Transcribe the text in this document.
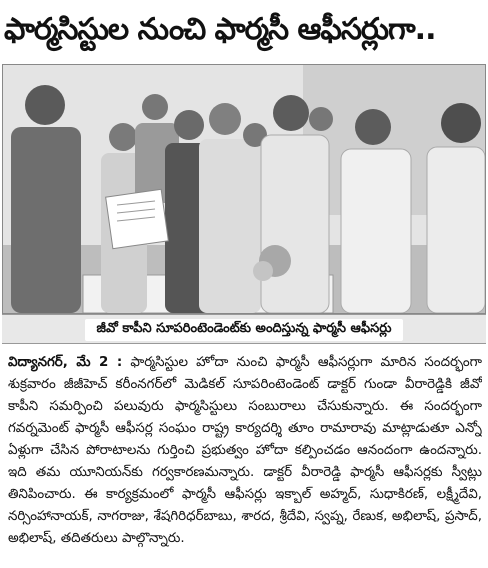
ఫార్మసిస్టుల నుంచి ఫార్మసీ ఆఫీసర్లుగా..
జీవో కాపీని సూపరింటెండెంట్‌కు అందిస్తున్న ఫార్మసీ ఆఫీసర్లు
విద్యానగర్, మే 2 : ఫార్మసిస్టుల హోదా నుంచి ఫార్మసీ ఆఫీసర్లుగా మారిన సందర్భంగా శుక్రవారం జీజీహెచ్ కరీంనగర్‌లో మెడికల్ సూపరింటెండెంట్ డాక్టర్ గుండా వీరారెడ్డికి జీవో కాపీని సమర్పించి పలువురు ఫార్మసిస్టులు సంబురాలు చేసుకున్నారు. ఈ సందర్భంగా గవర్నమెంట్ ఫార్మసీ ఆఫీసర్ల సంఘం రాష్ట్ర కార్యదర్శి తూం రామారావు మాట్లాడుతూ ఎన్నో ఏళ్లుగా చేసిన పోరాటాలను గుర్తించి ప్రభుత్వం హోదా కల్పించడం ఆనందంగా ఉందన్నారు. ఇది తమ యూనియన్‌కు గర్వకారణమన్నారు. డాక్టర్ వీరారెడ్డి ఫార్మసీ ఆఫీసర్లకు స్వీట్లు తినిపించారు. ఈ కార్యక్రమంలో ఫార్మసీ ఆఫీసర్లు ఇక్బాల్ అహ్మద్, సుధాకిరణ్, లక్ష్మీదేవి, నర్సింహానాయక్, నాగరాజు, శేషగిరిధర్‌బాబు, శారద, శ్రీదేవి, స్వప్న, రేణుక, అభిలాష్, ప్రసాద్, అభిలాష్, తదితరులు పాల్గొన్నారు.
